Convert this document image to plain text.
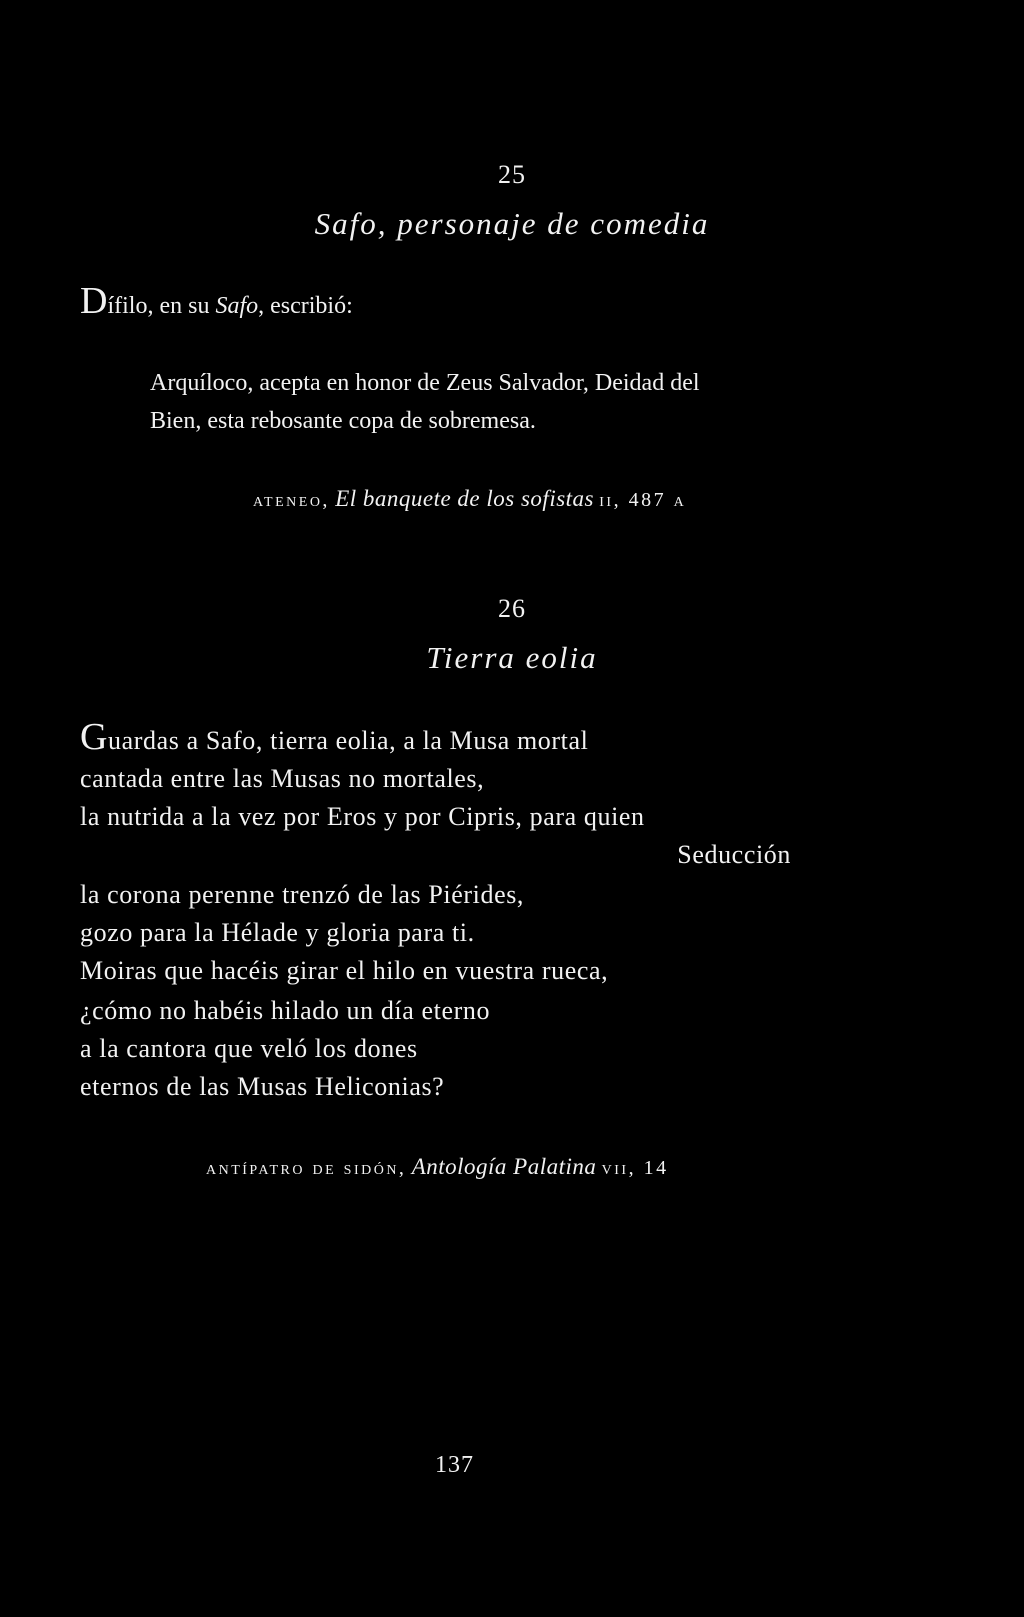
25
Safo, personaje de comedia
Dífilo, en su Safo, escribió:
Arquíloco, acepta en honor de Zeus Salvador, Deidad del
Bien, esta rebosante copa de sobremesa.
ateneo, El banquete de los sofistas ii, 487 a
26
Tierra eolia
Guardas a Safo, tierra eolia, a la Musa mortal
cantada entre las Musas no mortales,
la nutrida a la vez por Eros y por Cipris, para quien
Seducción
la corona perenne trenzó de las Piérides,
gozo para la Hélade y gloria para ti.
Moiras que hacéis girar el hilo en vuestra rueca,
¿cómo no habéis hilado un día eterno
a la cantora que veló los dones
eternos de las Musas Heliconias?
antípatro de sidón, Antología Palatina vii, 14
137
